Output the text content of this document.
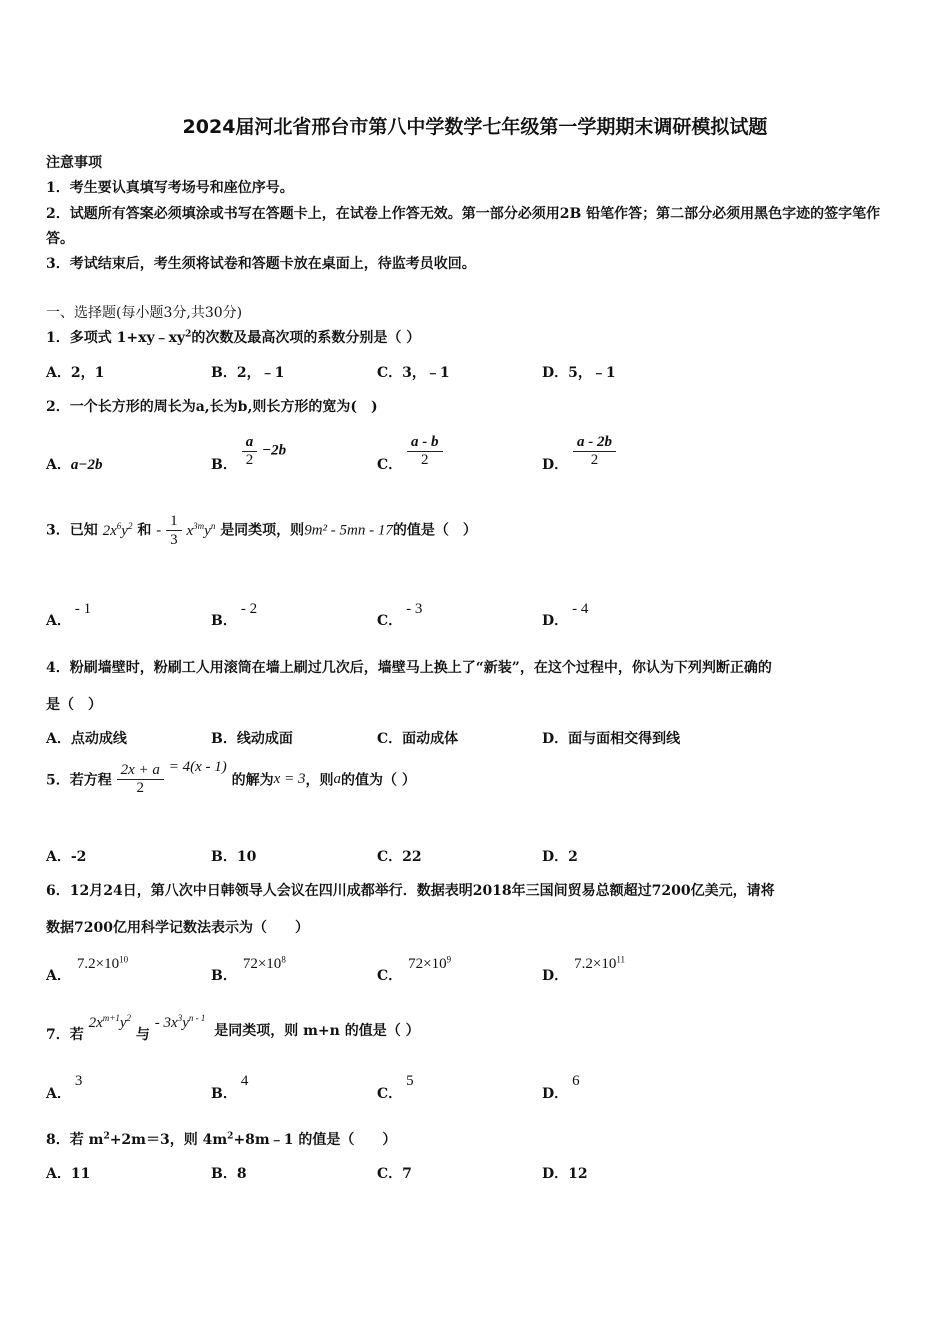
2024届河北省邢台市第八中学数学七年级第一学期期末调研模拟试题
注意事项
1．考生要认真填写考场号和座位序号。
2．试题所有答案必须填涂或书写在答题卡上，在试卷上作答无效。第一部分必须用2B 铅笔作答；第二部分必须用黑色字迹的签字笔作答。
3．考试结束后，考生须将试卷和答题卡放在桌面上，待监考员收回。
一、选择题(每小题3分,共30分)
1．多项式 $1+xy﹣xy^2$的次数及最高次项的系数分别是（ ）
A．2，1	B．2，﹣1	C．3，﹣1	D．5，﹣1
2．一个长方形的周长为a,长为b,则长方形的宽为(　)
A．a−2b	B． $\frac{a}{2} -2b$
C． $\frac{a - b}{2}$	D． $\frac{a - 2b}{2}$
3．已知 $2x^6y^2$ 和 - $\frac{1}{3} x^{3m}y^n$ 是同类项，则9m² - 5mn - 17的值是（　）
A．- 1
B．- 2
C．- 3
D．- 4
4．粉刷墙壁时，粉刷工人用滚筒在墙上刷过几次后，墙壁马上换上了“新装”，在这个过程中，你认为下列判断正确的
是（　）
A．点动成线	B．线动成面	C．面动成体	D．面与面相交得到线
5．若方程 $\frac{2x + a}{2} = 4(x - 1)$ 的解为x = 3，则a的值为（ ）
A．-2	B．10	C．22	D．2
6．12月24日，第八次中日韩领导人会议在四川成都举行．数据表明2018年三国间贸易总额超过7200亿美元，请将
数据7200亿用科学记数法表示为（　　）
A．$7.2\times 10^{10}$
B．$72\times 10^8$
C．$72\times 10^9$
D．$7.2\times 10^{11}$
7．若 $2x^{m+1}y^2$ 与 - $3x^3y^{n - 1}$ 是同类项，则 m+n 的值是（ ）
A．3
B．4
C．5
D．6
8．若 $m^2+2m=3$，则 $4m^2+8m﹣1$ 的值是（　　）
A．11	B．8	C．7	D．12
